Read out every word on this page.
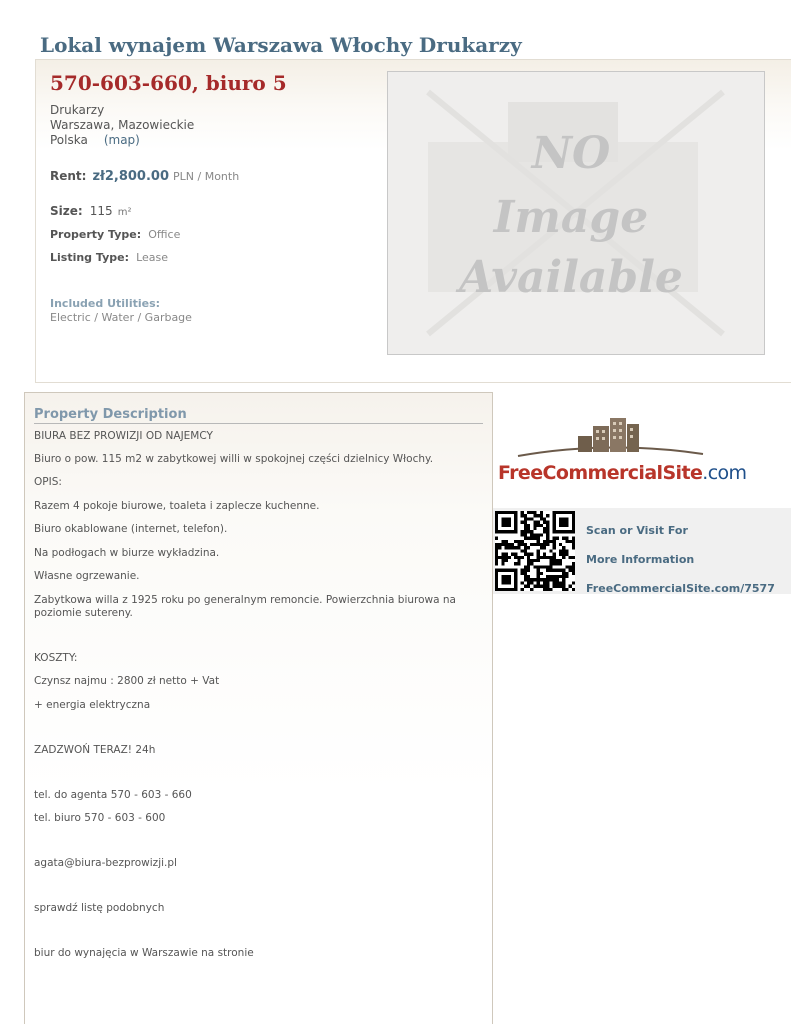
Lokal wynajem Warszawa Włochy Drukarzy
570-603-660, biuro 5
Drukarzy
Warszawa, Mazowieckie
Polska (map)
Rent: zł2,800.00 PLN / Month
Size: 115 m²
Property Type: Office
Listing Type: Lease
Included Utilities:
Electric / Water / Garbage
NO
Image
Available
Property Description
BIURA BEZ PROWIZJI OD NAJEMCY
Biuro o pow. 115 m2 w zabytkowej willi w spokojnej części dzielnicy Włochy.
OPIS:
Razem 4 pokoje biurowe, toaleta i zaplecze kuchenne.
Biuro okablowane (internet, telefon).
Na podłogach w biurze wykładzina.
Własne ogrzewanie.
Zabytkowa willa z 1925 roku po generalnym remoncie. Powierzchnia biurowa na poziomie sutereny.
KOSZTY:
Czynsz najmu : 2800 zł netto + Vat
+ energia elektryczna
ZADZWOŃ TERAZ! 24h
tel. do agenta 570 - 603 - 660
tel. biuro 570 - 603 - 600
agata@biura-bezprowizji.pl
sprawdź listę podobnych
biur do wynajęcia w Warszawie na stronie
FreeCommercialSite.com
Scan or Visit For
More Information
FreeCommercialSite.com/7577
